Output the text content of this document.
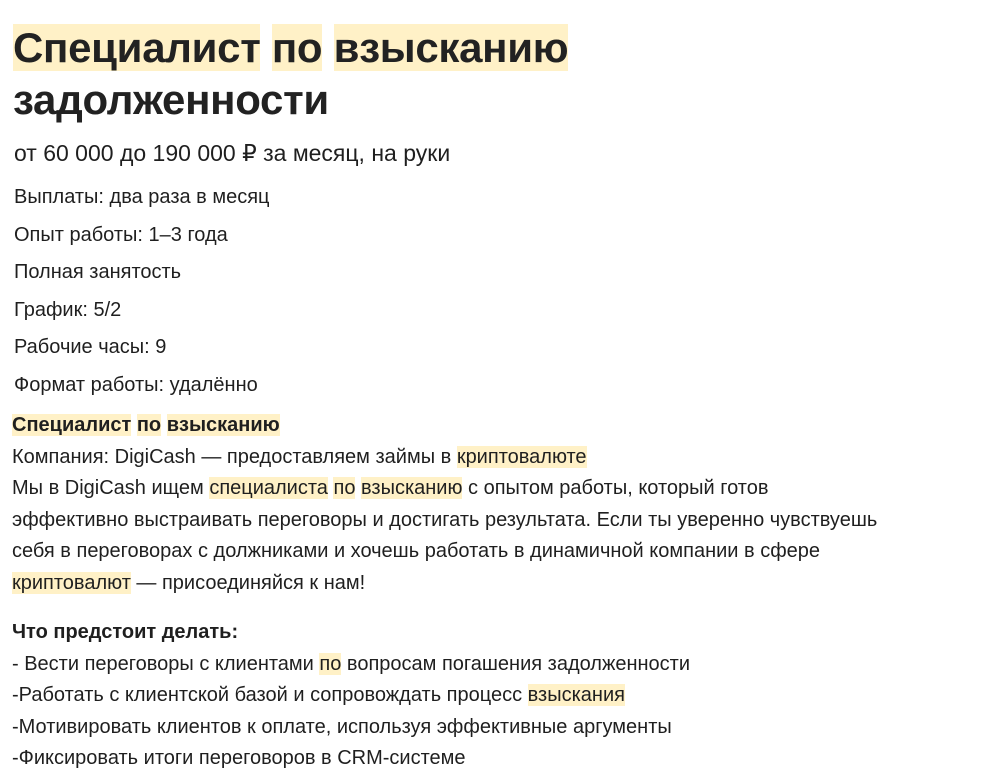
Специалист по взысканию
задолженности
от 60 000 до 190 000 ₽ за месяц, на руки
Выплаты: два раза в месяц
Опыт работы: 1–3 года
Полная занятость
График: 5/2
Рабочие часы: 9
Формат работы: удалённо

Специалист по взысканию

Компания: DigiCash — предоставляем займы в криптовалюте

Мы в DigiCash ищем специалиста по взысканию с опытом работы, который готов

эффективно выстраивать переговоры и достигать результата. Если ты уверенно чувствуешь

себя в переговорах с должниками и хочешь работать в динамичной компании в сфере

криптовалют — присоединяйся к нам!

Что предстоит делать:

- Вести переговоры с клиентами по вопросам погашения задолженности

-Работать с клиентской базой и сопровождать процесс взыскания

-Мотивировать клиентов к оплате, используя эффективные аргументы

-Фиксировать итоги переговоров в CRM-системе
